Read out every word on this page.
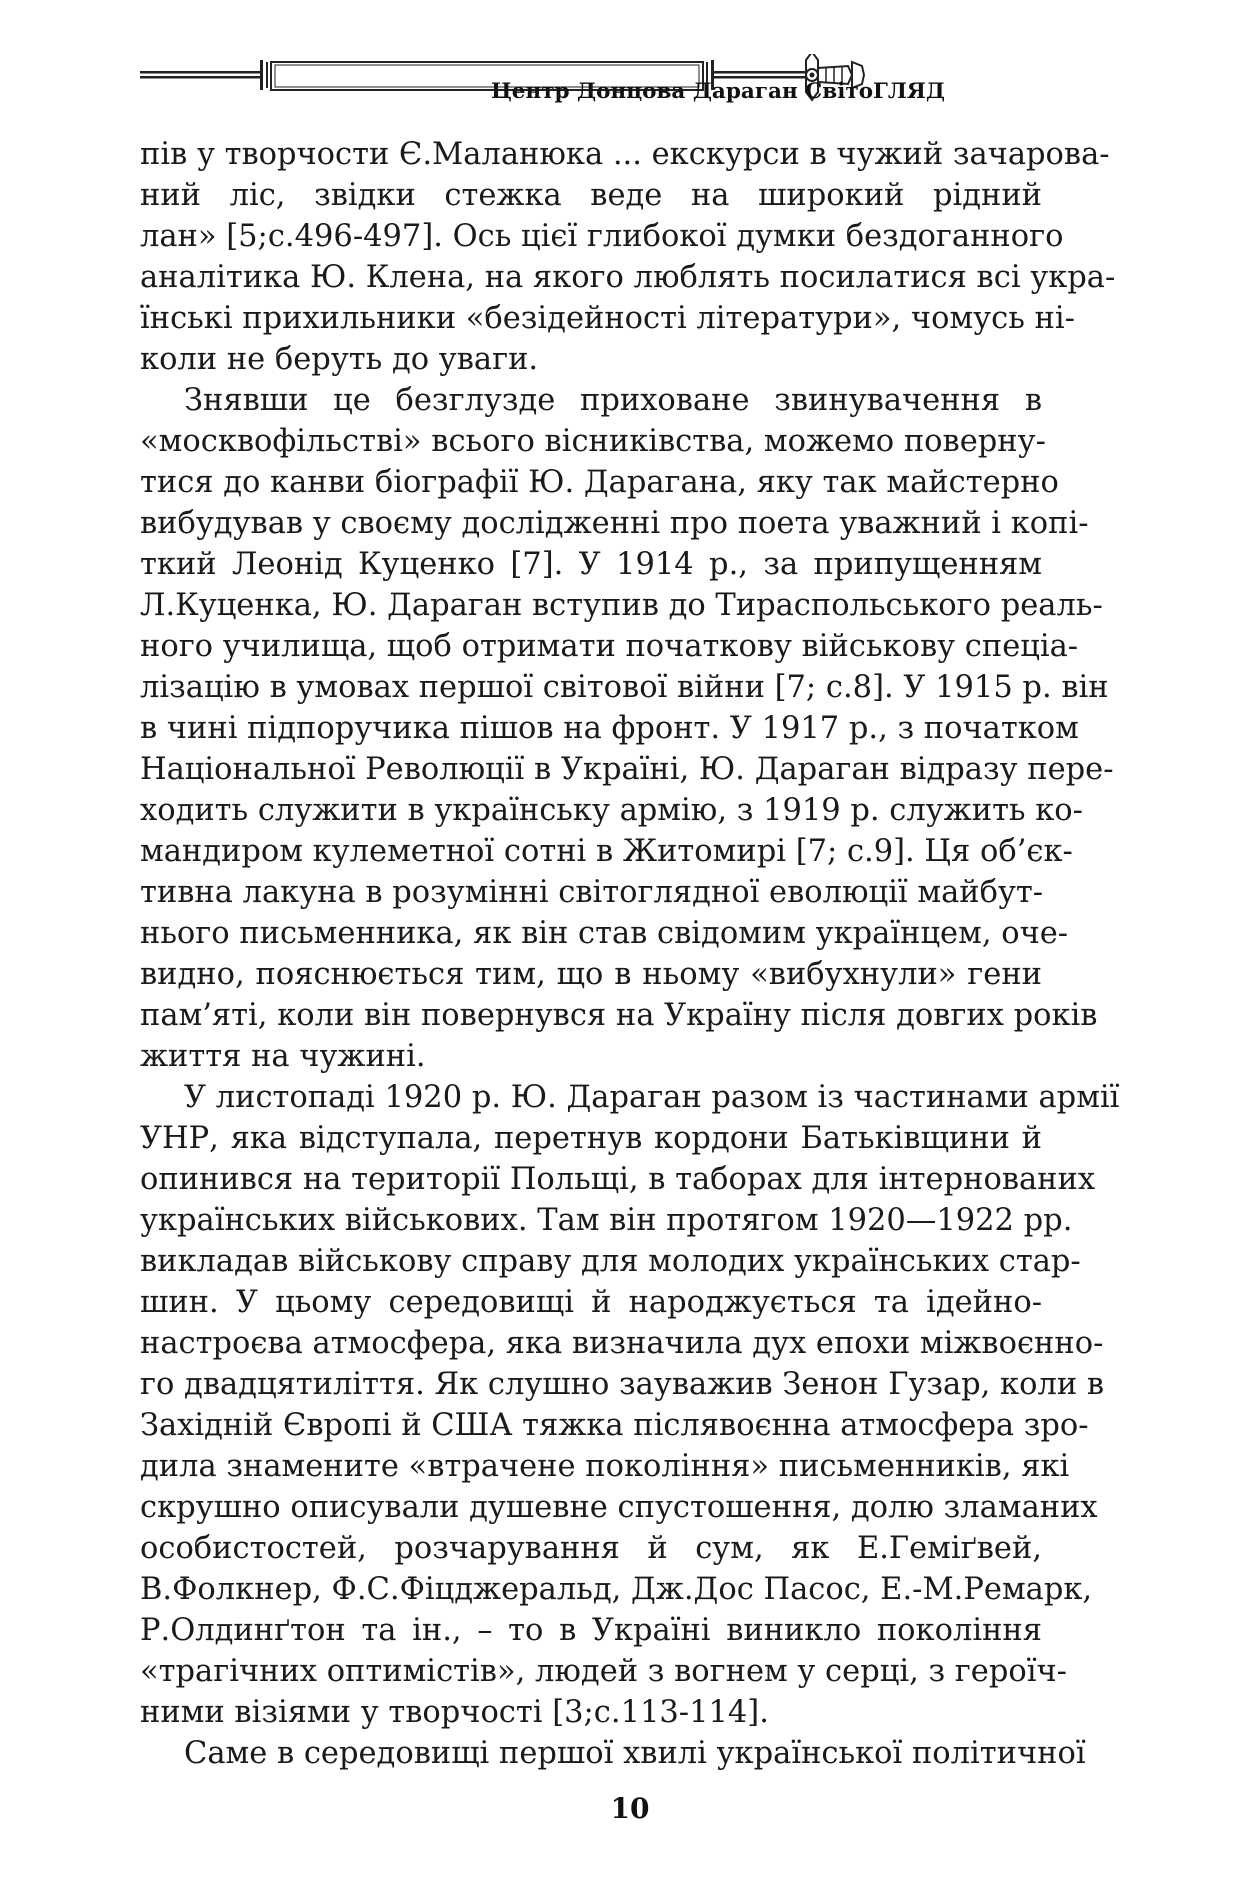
Центр Донцова Дараган СвітоГЛЯД
пів у творчости Є.Маланюка ... екскурси в чужий зачарова-
ний ліс, звідки стежка веде на широкий рідний
лан» [5;с.496-497]. Ось цієї глибокої думки бездоганного
аналітика Ю. Клена, на якого люблять посилатися всі укра-
їнські прихильники «безідейності літератури», чомусь ні-
коли не беруть до уваги.
Знявши це безглузде приховане звинувачення в
«москвофільстві» всього вісниківства, можемо поверну-
тися до канви біографії Ю. Дарагана, яку так майстерно
вибудував у своєму дослідженні про поета уважний і копі-
ткий Леонід Куценко [7]. У 1914 р., за припущенням
Л.Куценка, Ю. Дараган вступив до Тираспольського реаль-
ного училища, щоб отримати початкову військову спеціа-
лізацію в умовах першої світової війни [7; с.8]. У 1915 р. він
в чині підпоручика пішов на фронт. У 1917 р., з початком
Національної Революції в Україні, Ю. Дараган відразу пере-
ходить служити в українську армію, з 1919 р. служить ко-
мандиром кулеметної сотні в Житомирі [7; с.9]. Ця об’єк-
тивна лакуна в розумінні світоглядної еволюції майбут-
нього письменника, як він став свідомим українцем, оче-
видно, пояснюється тим, що в ньому «вибухнули» гени
пам’яті, коли він повернувся на Україну після довгих років
життя на чужині.
У листопаді 1920 р. Ю. Дараган разом із частинами армії
УНР, яка відступала, перетнув кордони Батьківщини й
опинився на території Польщі, в таборах для інтернованих
українських військових. Там він протягом 1920—1922 рр.
викладав військову справу для молодих українських стар-
шин. У цьому середовищі й народжується та ідейно-
настроєва атмосфера, яка визначила дух епохи міжвоєнно-
го двадцятиліття. Як слушно зауважив Зенон Гузар, коли в
Західній Європі й США тяжка післявоєнна атмосфера зро-
дила знамените «втрачене покоління» письменників, які
скрушно описували душевне спустошення, долю зламаних
особистостей, розчарування й сум, як Е.Геміґвей,
В.Фолкнер, Ф.С.Фіцджеральд, Дж.Дос Пасос, Е.-М.Ремарк,
Р.Олдинґтон та ін., – то в Україні виникло покоління
«трагічних оптимістів», людей з вогнем у серці, з героїч-
ними візіями у творчості [3;с.113-114].
Саме в середовищі першої хвилі української політичної
10
